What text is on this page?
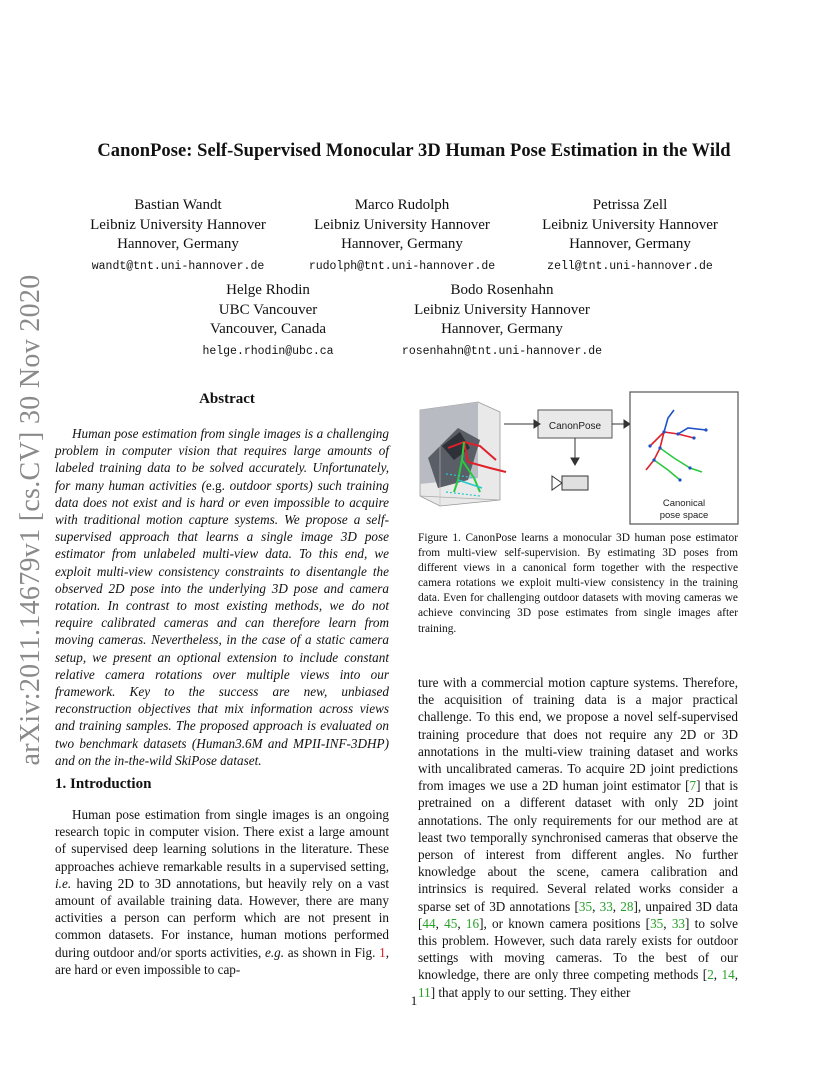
arXiv:2011.14679v1 [cs.CV] 30 Nov 2020
CanonPose: Self-Supervised Monocular 3D Human Pose Estimation in the Wild
Bastian Wandt
Leibniz University Hannover
Hannover, Germany
wandt@tnt.uni-hannover.de
Marco Rudolph
Leibniz University Hannover
Hannover, Germany
rudolph@tnt.uni-hannover.de
Petrissa Zell
Leibniz University Hannover
Hannover, Germany
zell@tnt.uni-hannover.de
Helge Rhodin
UBC Vancouver
Vancouver, Canada
helge.rhodin@ubc.ca
Bodo Rosenhahn
Leibniz University Hannover
Hannover, Germany
rosenhahn@tnt.uni-hannover.de
Abstract
Human pose estimation from single images is a challenging problem in computer vision that requires large amounts of labeled training data to be solved accurately. Unfortunately, for many human activities (e.g. outdoor sports) such training data does not exist and is hard or even impossible to acquire with traditional motion capture systems. We propose a self-supervised approach that learns a single image 3D pose estimator from unlabeled multi-view data. To this end, we exploit multi-view consistency constraints to disentangle the observed 2D pose into the underlying 3D pose and camera rotation. In contrast to most existing methods, we do not require calibrated cameras and can therefore learn from moving cameras. Nevertheless, in the case of a static camera setup, we present an optional extension to include constant relative camera rotations over multiple views into our framework. Key to the success are new, unbiased reconstruction objectives that mix information across views and training samples. The proposed approach is evaluated on two benchmark datasets (Human3.6M and MPII-INF-3DHP) and on the in-the-wild SkiPose dataset.
1. Introduction
Human pose estimation from single images is an ongoing research topic in computer vision. There exist a large amount of supervised deep learning solutions in the literature. These approaches achieve remarkable results in a supervised setting, i.e. having 2D to 3D annotations, but heavily rely on a vast amount of available training data. However, there are many activities a person can perform which are not present in common datasets. For instance, human motions performed during outdoor and/or sports activities, e.g. as shown in Fig. 1, are hard or even impossible to cap-
CanonPose
Canonical
pose space
Figure 1. CanonPose learns a monocular 3D human pose estimator from multi-view self-supervision. By estimating 3D poses from different views in a canonical form together with the respective camera rotations we exploit multi-view consistency in the training data. Even for challenging outdoor datasets with moving cameras we achieve convincing 3D pose estimates from single images after training.
ture with a commercial motion capture systems. Therefore, the acquisition of training data is a major practical challenge. To this end, we propose a novel self-supervised training procedure that does not require any 2D or 3D annotations in the multi-view training dataset and works with uncalibrated cameras. To acquire 2D joint predictions from images we use a 2D human joint estimator [7] that is pretrained on a different dataset with only 2D joint annotations. The only requirements for our method are at least two temporally synchronised cameras that observe the person of interest from different angles. No further knowledge about the scene, camera calibration and intrinsics is required. Several related works consider a sparse set of 3D annotations [35, 33, 28], unpaired 3D data [44, 45, 16], or known camera positions [35, 33] to solve this problem. However, such data rarely exists for outdoor settings with moving cameras. To the best of our knowledge, there are only three competing methods [2, 14, 11] that apply to our setting. They either
1
